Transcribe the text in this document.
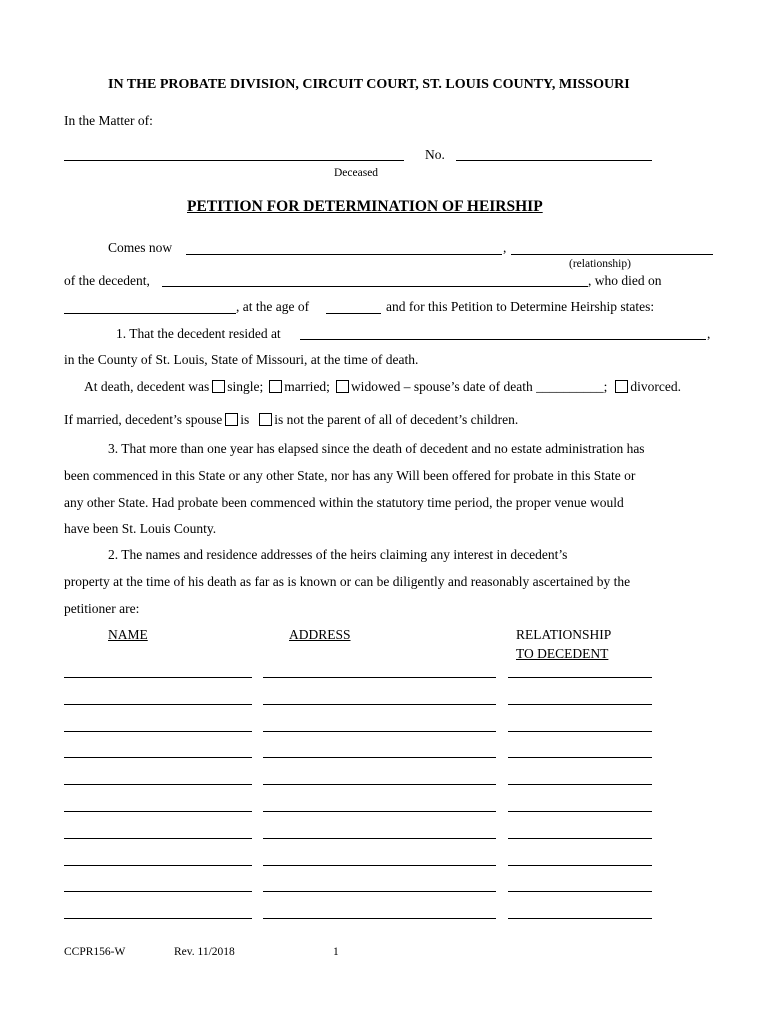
IN THE PROBATE DIVISION, CIRCUIT COURT, ST. LOUIS COUNTY, MISSOURI
In the Matter of:
No.
Deceased
PETITION FOR DETERMINATION OF HEIRSHIP
Comes now	,
(relationship)
of the decedent,	, who died on
, at the age of	and for this Petition to Determine Heirship states:
1. That the decedent resided at	,
in the County of St. Louis, State of Missouri, at the time of death.
At death, decedent was single; married; widowed – spouse’s date of death __________; divorced.
If married, decedent’s spouse is is not the parent of all of decedent’s children.
3. That more than one year has elapsed since the death of decedent and no estate administration has
been commenced in this State or any other State, nor has any Will been offered for probate in this State or
any other State. Had probate been commenced within the statutory time period, the proper venue would
have been St. Louis County.
2. The names and residence addresses of the heirs claiming any interest in decedent’s
property at the time of his death as far as is known or can be diligently and reasonably ascertained by the
petitioner are:
NAME	ADDRESS	RELATIONSHIP
TO DECEDENT
CCPR156-W	Rev. 11/2018	1
